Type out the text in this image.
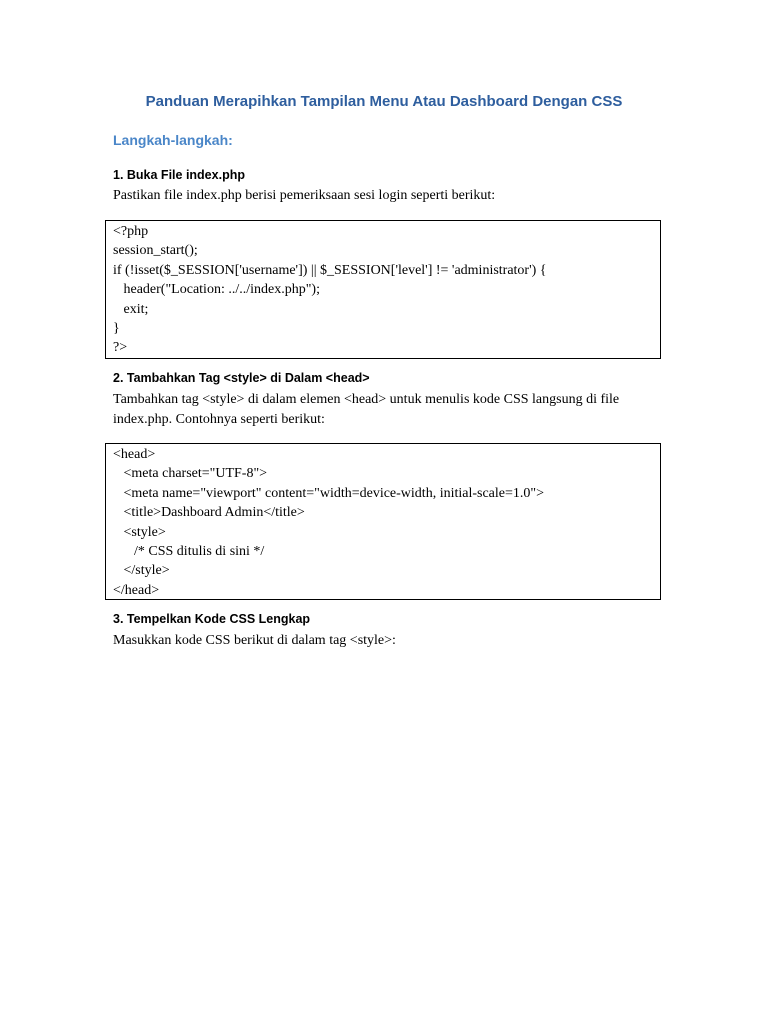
Panduan Merapihkan Tampilan Menu Atau Dashboard Dengan CSS
Langkah-langkah:
1. Buka File index.php
Pastikan file index.php berisi pemeriksaan sesi login seperti berikut:
<?php
session_start();
if (!isset($_SESSION['username']) || $_SESSION['level'] != 'administrator') {
header("Location: ../../index.php");
exit;
}
?>
2. Tambahkan Tag <style> di Dalam <head>
Tambahkan tag <style> di dalam elemen <head> untuk menulis kode CSS langsung di file index.php. Contohnya seperti berikut:
<head>
<meta charset="UTF-8">
<meta name="viewport" content="width=device-width, initial-scale=1.0">
<title>Dashboard Admin</title>
<style>
/* CSS ditulis di sini */
</style>
</head>
3. Tempelkan Kode CSS Lengkap
Masukkan kode CSS berikut di dalam tag <style>:
